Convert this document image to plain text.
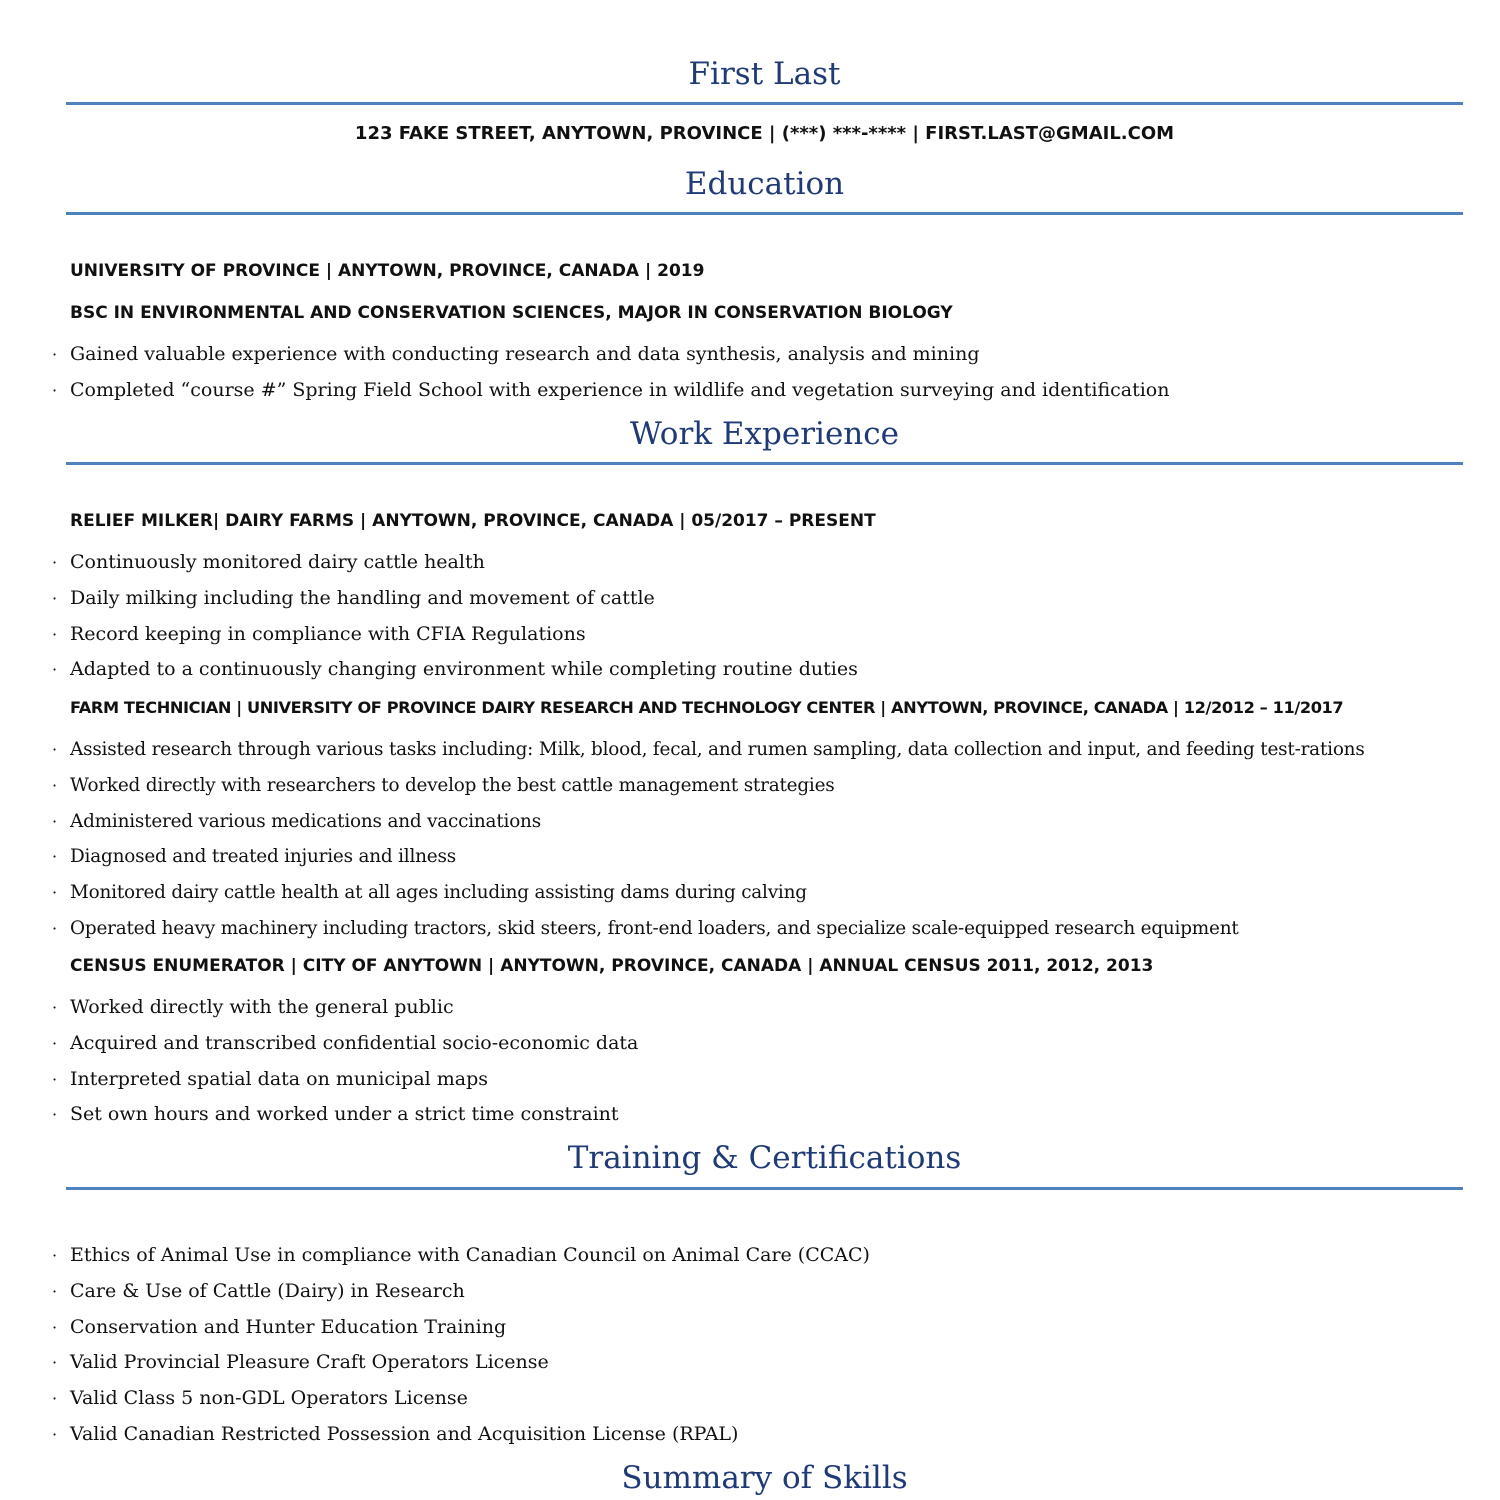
First Last
123 FAKE STREET, ANYTOWN, PROVINCE | (***) ***-**** | FIRST.LAST@GMAIL.COM
Education
UNIVERSITY OF PROVINCE | ANYTOWN, PROVINCE, CANADA | 2019
BSC IN ENVIRONMENTAL AND CONSERVATION SCIENCES, MAJOR IN CONSERVATION BIOLOGY
· Gained valuable experience with conducting research and data synthesis, analysis and mining
· Completed “course #” Spring Field School with experience in wildlife and vegetation surveying and identification
Work Experience
RELIEF MILKER| DAIRY FARMS | ANYTOWN, PROVINCE, CANADA | 05/2017 – PRESENT
· Continuously monitored dairy cattle health
· Daily milking including the handling and movement of cattle
· Record keeping in compliance with CFIA Regulations
· Adapted to a continuously changing environment while completing routine duties
FARM TECHNICIAN | UNIVERSITY OF PROVINCE DAIRY RESEARCH AND TECHNOLOGY CENTER | ANYTOWN, PROVINCE, CANADA | 12/2012 – 11/2017
· Assisted research through various tasks including: Milk, blood, fecal, and rumen sampling, data collection and input, and feeding test-rations
· Worked directly with researchers to develop the best cattle management strategies
· Administered various medications and vaccinations
· Diagnosed and treated injuries and illness
· Monitored dairy cattle health at all ages including assisting dams during calving
· Operated heavy machinery including tractors, skid steers, front-end loaders, and specialize scale-equipped research equipment
CENSUS ENUMERATOR | CITY OF ANYTOWN | ANYTOWN, PROVINCE, CANADA | ANNUAL CENSUS 2011, 2012, 2013
· Worked directly with the general public
· Acquired and transcribed confidential socio-economic data
· Interpreted spatial data on municipal maps
· Set own hours and worked under a strict time constraint
Training & Certifications
· Ethics of Animal Use in compliance with Canadian Council on Animal Care (CCAC)
· Care & Use of Cattle (Dairy) in Research
· Conservation and Hunter Education Training
· Valid Provincial Pleasure Craft Operators License
· Valid Class 5 non-GDL Operators License
· Valid Canadian Restricted Possession and Acquisition License (RPAL)
Summary of Skills
